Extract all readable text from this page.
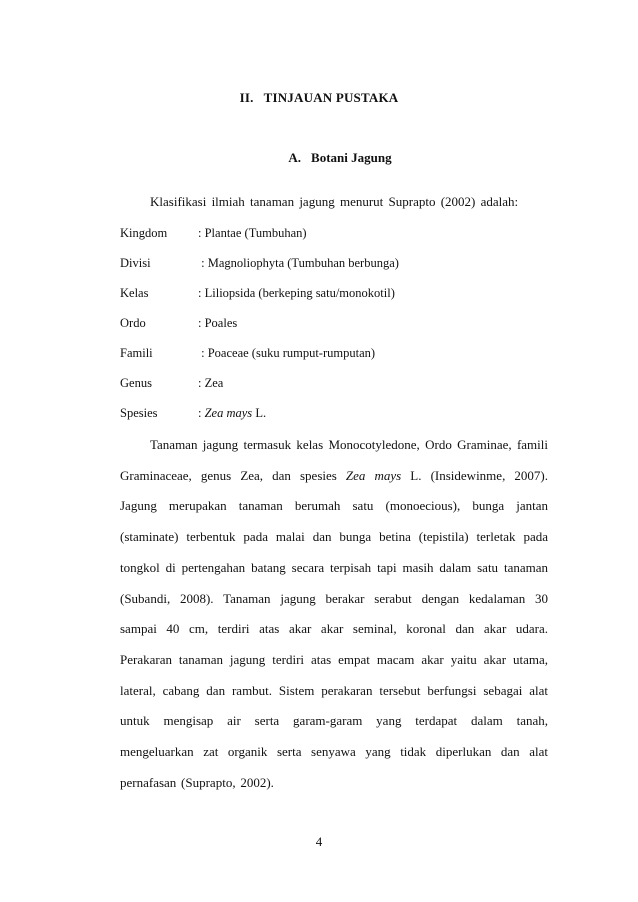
II. TINJAUAN PUSTAKA
A. Botani Jagung
Klasifikasi ilmiah tanaman jagung menurut Suprapto (2002) adalah:
Kingdom : Plantae (Tumbuhan)
Divisi	: Magnoliophyta (Tumbuhan berbunga)
Kelas	: Liliopsida (berkeping satu/monokotil)
Ordo	: Poales
Famili	: Poaceae (suku rumput-rumputan)
Genus	: Zea
Spesies	: Zea mays L.

Tanaman jagung termasuk kelas Monocotyledone, Ordo Graminae, famili Graminaceae, genus Zea, dan spesies Zea mays L. (Insidewinme, 2007). Jagung merupakan tanaman berumah satu (monoecious), bunga jantan (staminate) terbentuk pada malai dan bunga betina (tepistila) terletak pada tongkol di pertengahan batang secara terpisah tapi masih dalam satu tanaman (Subandi, 2008). Tanaman jagung berakar serabut dengan kedalaman 30 sampai 40 cm, terdiri atas akar akar seminal, koronal dan akar udara. Perakaran tanaman jagung terdiri atas empat macam akar yaitu akar utama, lateral, cabang dan rambut. Sistem perakaran tersebut berfungsi sebagai alat untuk mengisap air serta garam-garam yang terdapat dalam tanah, mengeluarkan zat organik serta senyawa yang tidak diperlukan dan alat pernafasan (Suprapto, 2002).

4
